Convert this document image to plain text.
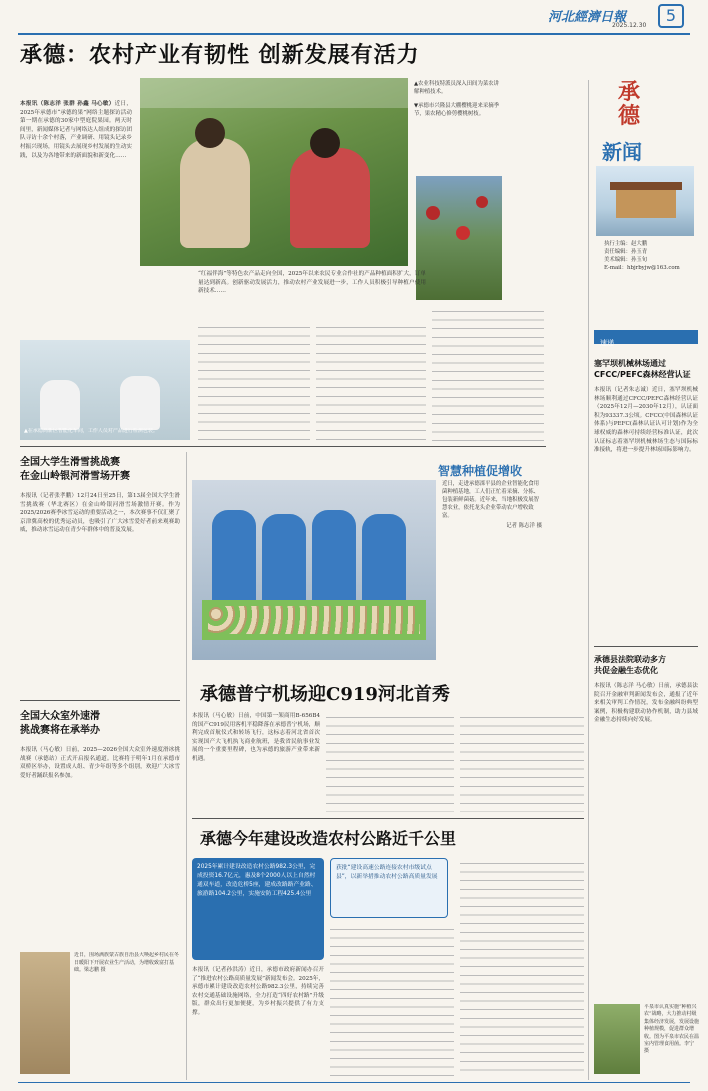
河北經濟日報
2025.12.30
5
承德：农村产业有韧性 创新发展有活力
本报讯（陈志洋 张群 孙鑫 马心敏）近日，2025年承德市“承德的果”网络主题探访活动第一期在承德的30家中型庭院果园。两天时间里，新闻媒体记者与网络达人组成的探访团队寻访十余个村落，产业调研、用镜头记录乡村振兴现场，用镜头去展现乡村发展的生动实践，以及为各地带来的新面貌和新变化……
▲农业科技特派员深入田间为菜农讲解种植技术。
▼承德市兴隆县大棚樱桃迎来采摘季节，果农精心修剪樱桃树枝。
▲在承德高新区智能化车间，工作人员对产品进行检测包装。
“红福伴海”等特色农产品走向全国，2025年以来农民专业合作社的产品种植面积扩大，订单量达到新高。创新驱动发展活力，推动农村产业发展进一步，工作人员积极引导种植户使用新技术……
承德
新闻
执行主编：赵大鹏
责任编辑：孙玉青
美术编辑：孙玉旬
E-mail：hbjrbyjw@163.com
速递
塞罕坝机械林场通过
CFCC/PEFC森林经营认证
本报讯（记者朱志诚）近日，塞罕坝机械林场顺利通过CFCC/PEFC森林经营认证（2025年12月—2030年12月），认证面积为93337.3公顷。CFCC(中国森林认证体系)与PEFC(森林认证认可计划)作为全球权威的森林可持续经营标准认证，此次认证标志着塞罕坝机械林场生态与国际标准接轨，将进一步提升林场国际影响力。
承德县法院联动多方
共促金融生态优化
本报讯（陈志洋 马心敏）日前，承德县法院召开金融审判新闻发布会，通报了近年来相关审判工作情况，发布金融纠纷典型案例，积极构建联动协作机制，助力县域金融生态持续向好发展。
平泉市认真实施“种植兴农”战略，大力推动村级集体经济发展，发展设施种植规模，促进群众增收。图为平泉市农民在温室内管理食用菌。李宁 摄
全国大学生滑雪挑战赛
在金山岭银河滑雪场开赛
本报讯（记者张孝鹏）12月24日至25日，第13届全国大学生滑雪挑战赛（华北赛区）在金山岭银河滑雪场激情开赛。作为2025/2026赛季冰雪运动的重要活动之一，本次赛事不仅汇聚了京津冀高校的优秀运动员，也吸引了广大冰雪爱好者前来观赛助威，推动冰雪运动在青少年群体中的普及发展。
全国大众室外速滑
挑战赛将在承举办
本报讯（马心敏）日前，2025—2026全国大众室外速度滑冰挑战赛（承德站）正式开启报名通道。比赛将于明年1月在承德市双桥区举办，设置成人组、青少年组等多个组别，欢迎广大冰雪爱好者踊跃报名参加。
近日，围场满族蒙古族自治县大唤起乡村民在冬日暖阳下开展农业生产活动，为增收致富打基础。梁志鹏 摄
智慧种植促增收
近日，走进承德滦平县的企业智能化食用菌种植基地，工人们正忙着采摘、分拣、包装新鲜菌菇。近年来，当地积极发展智慧农业，依托龙头企业带动农户增收致富。
记者 陈志洋 摄
承德普宁机场迎C919河北首秀
本报讯（马心敏）日前，中国第一架商用B-656B4的国产C919民用客机平稳降落在承德普宁机场，顺利完成首航仪式和转场飞行，这标志着河北省首次实现国产大飞机执飞商业航班，是我省民航事业发展的一个重要里程碑，也为承德的旅游产业带来新机遇。
承德今年建设改造农村公路近千公里
2025年累计建设改造农村公路982.3公里，完成投资16.7亿元，惠及8个2000人以上自然村通双车道，改造危桥5座，建成改路路产业路、旅游路104.2公里，实施安防工程425.4公里
获批“建设高速公路连接农村市级试点县”，以新举措推动农村公路高质量发展
本报讯（记者孙洪涛）近日，承德市政府新闻办召开了“推进农村公路高质量发展”新闻发布会。2025年，承德市累计建设改造农村公路982.3公里，持续完善农村交通基础设施网络，全力打造“四好农村路”升级版，群众出行更加便捷，为乡村振兴提供了有力支撑。
